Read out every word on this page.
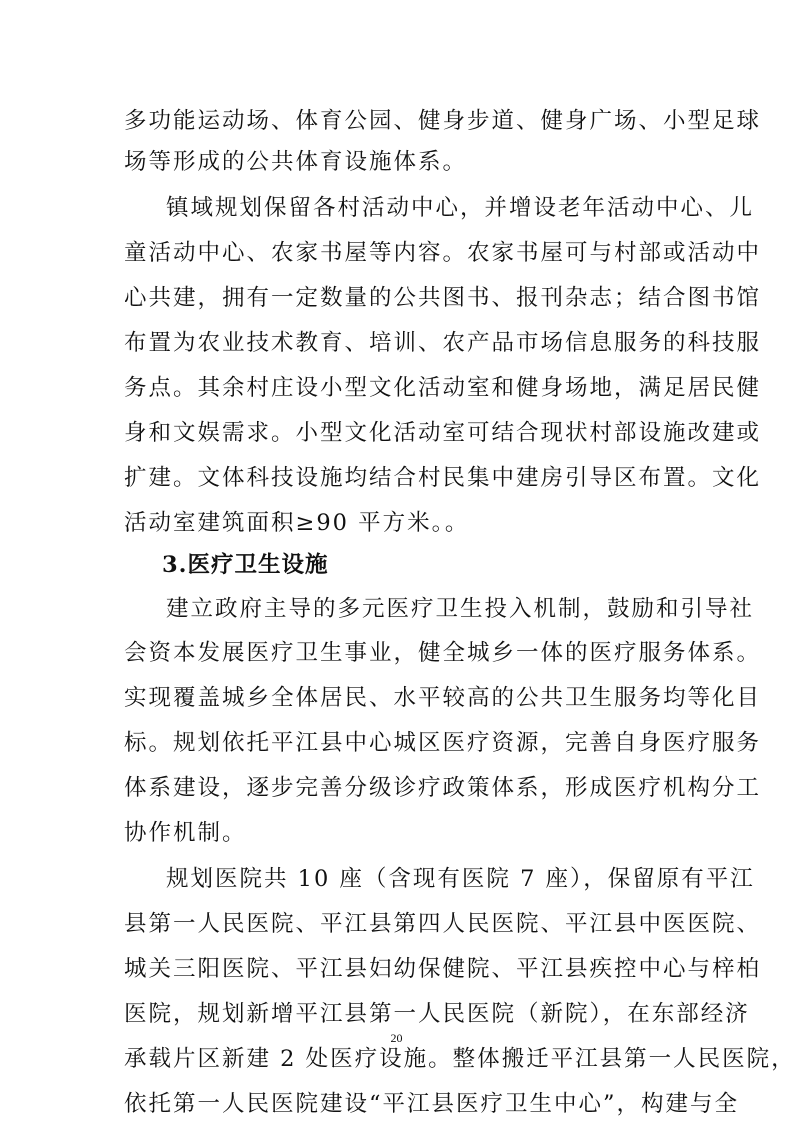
多功能运动场、体育公园、健身步道、健身广场、小型足球
场等形成的公共体育设施体系。
镇域规划保留各村活动中心，并增设老年活动中心、儿
童活动中心、农家书屋等内容。农家书屋可与村部或活动中
心共建，拥有一定数量的公共图书、报刊杂志；结合图书馆
布置为农业技术教育、培训、农产品市场信息服务的科技服
务点。其余村庄设小型文化活动室和健身场地，满足居民健
身和文娱需求。小型文化活动室可结合现状村部设施改建或
扩建。文体科技设施均结合村民集中建房引导区布置。文化
活动室建筑面积≥90 平方米。。
3.医疗卫生设施
建立政府主导的多元医疗卫生投入机制，鼓励和引导社
会资本发展医疗卫生事业，健全城乡一体的医疗服务体系。
实现覆盖城乡全体居民、水平较高的公共卫生服务均等化目
标。规划依托平江县中心城区医疗资源，完善自身医疗服务
体系建设，逐步完善分级诊疗政策体系，形成医疗机构分工
协作机制。
规划医院共 10 座（含现有医院 7 座），保留原有平江
县第一人民医院、平江县第四人民医院、平江县中医医院、
城关三阳医院、平江县妇幼保健院、平江县疾控中心与梓柏
医院，规划新增平江县第一人民医院（新院），在东部经济
承载片区新建 2 处医疗设施。整体搬迁平江县第一人民医院，
依托第一人民医院建设“平江县医疗卫生中心”，构建与全
20
